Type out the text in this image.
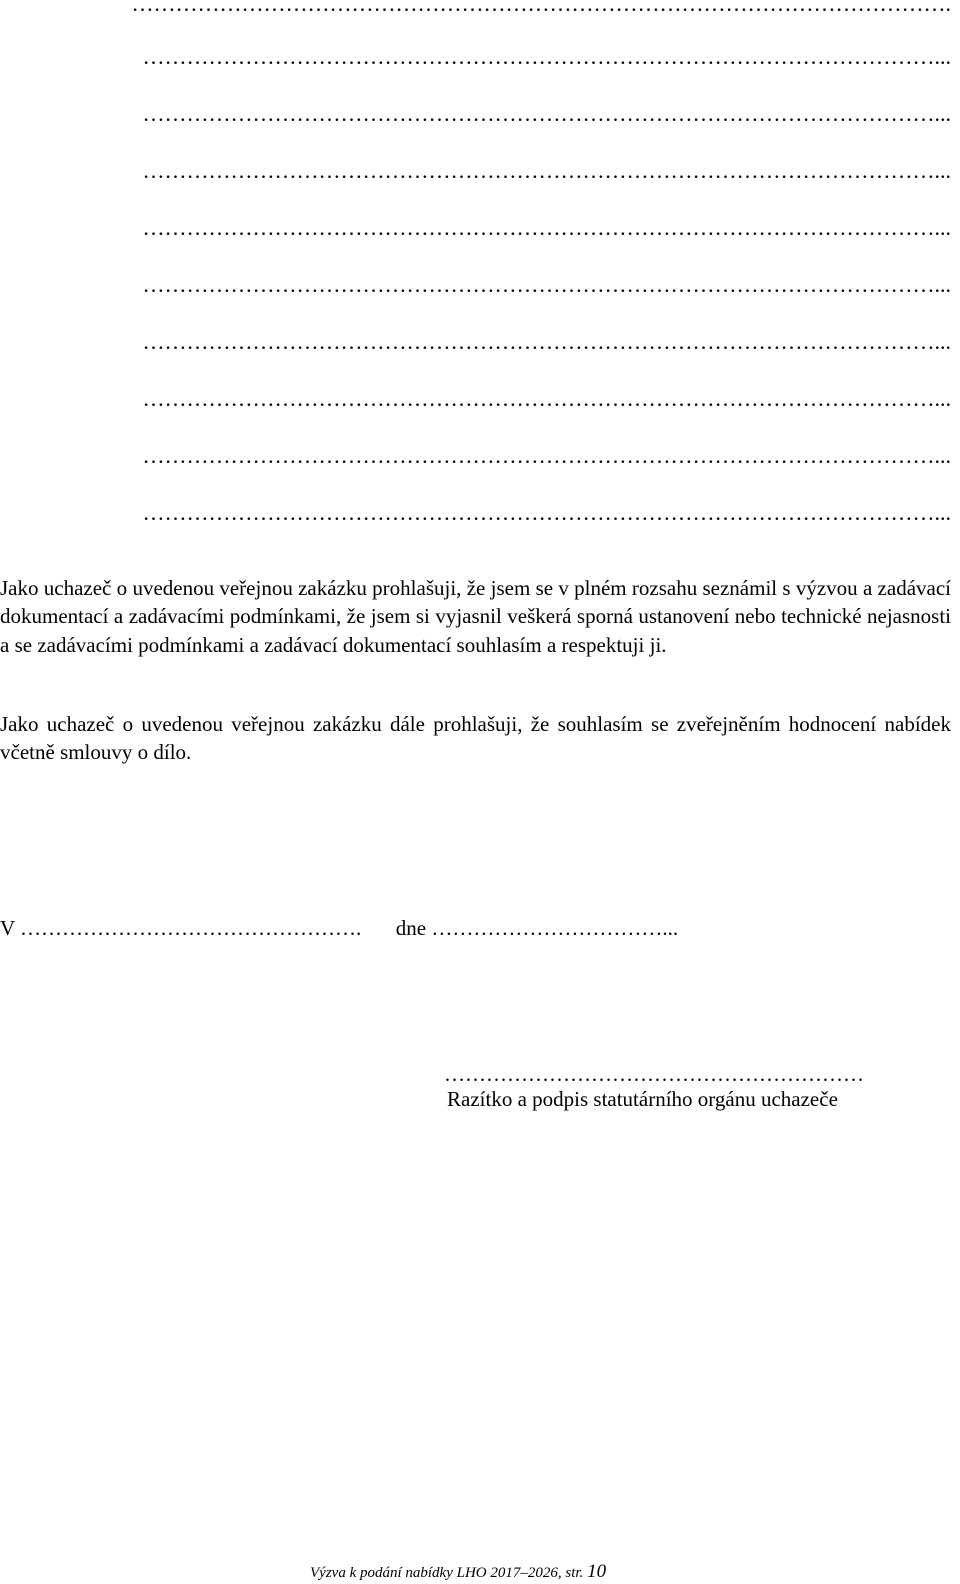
………………………………………………………………………………………………….
………………………………………………………………………………………………...
………………………………………………………………………………………………...
………………………………………………………………………………………………...
………………………………………………………………………………………………...
………………………………………………………………………………………………...
………………………………………………………………………………………………...
………………………………………………………………………………………………...
………………………………………………………………………………………………...
………………………………………………………………………………………………...

Jako uchazeč o uvedenou veřejnou zakázku prohlašuji, že jsem se v plném rozsahu seznámil s výzvou a zadávací dokumentací a zadávacími podmínkami, že jsem si vyjasnil veškerá sporná ustanovení nebo technické nejasnosti a se zadávacími podmínkami a zadávací dokumentací souhlasím a respektuji ji.

Jako uchazeč o uvedenou veřejnou zakázku dále prohlašuji, že souhlasím se zveřejněním hodnocení nabídek včetně smlouvy o dílo.

V …………………………………………. dne ……………………………...
……………………………………………………
Razítko a podpis statutárního orgánu uchazeče
Výzva k podání nabídky LHO 2017–2026, str. 10
